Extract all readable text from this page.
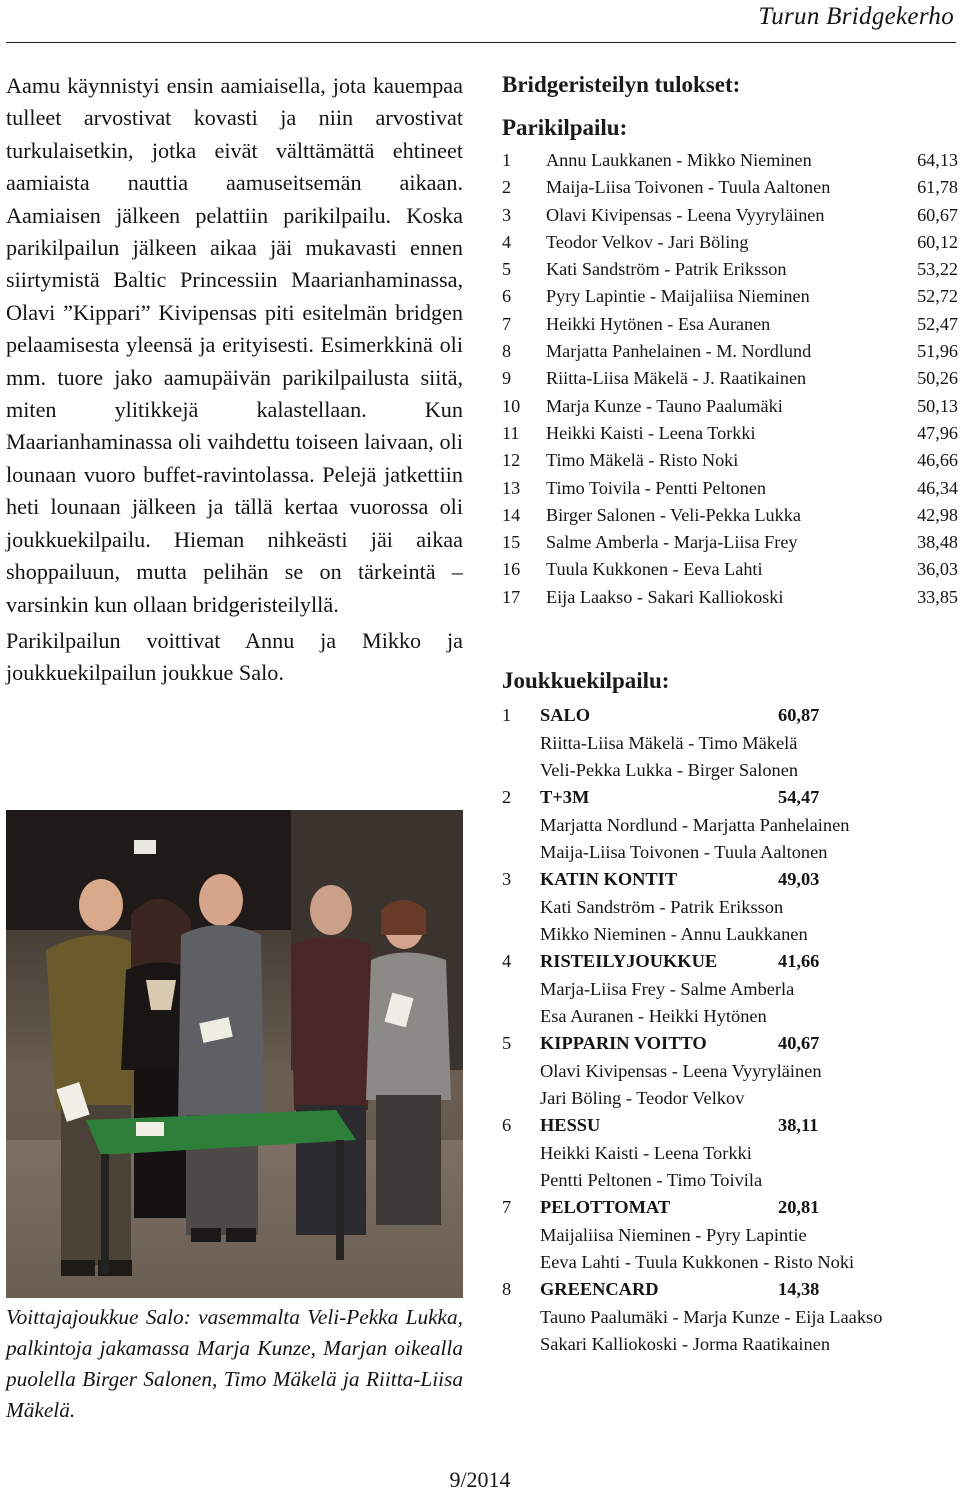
Turun Bridgekerho

Aamu käynnistyi ensin aamiaisella, jota kauempaa tulleet arvostivat kovasti ja niin arvostivat turkulaisetkin, jotka eivät välttämättä ehtineet aamiaista nauttia aamuseitsemän aikaan. Aamiaisen jälkeen pelattiin parikilpailu. Koska parikilpailun jälkeen aikaa jäi mukavasti ennen siirtymistä Baltic Princessiin Maarianhaminassa, Olavi ”Kippari” Kivipensas piti esitelmän bridgen pelaamisesta yleensä ja erityisesti. Esimerkkinä oli mm. tuore jako aamupäivän parikilpailusta siitä, miten ylitikkejä kalastellaan. Kun Maarianhaminassa oli vaihdettu toiseen laivaan, oli lounaan vuoro buffet-ravintolassa. Pelejä jatkettiin heti lounaan jälkeen ja tällä kertaa vuorossa oli joukkuekilpailu. Hieman nihkeästi jäi aikaa shoppailuun, mutta pelihän se on tärkeintä – varsinkin kun ollaan bridgeristeilyllä.

Parikilpailun voittivat Annu ja Mikko ja joukkuekilpailun joukkue Salo.

Voittajajoukkue Salo: vasemmalta Veli-Pekka Lukka, palkintoja jakamassa Marja Kunze, Marjan oikealla puolella Birger Salonen, Timo Mäkelä ja Riitta-Liisa Mäkelä.
Bridgeristeilyn tulokset:
Parikilpailu:
1 Annu Laukkanen - Mikko Nieminen	64,13
2 Maija-Liisa Toivonen - Tuula Aaltonen	61,78
3 Olavi Kivipensas - Leena Vyyryläinen	60,67
4 Teodor Velkov - Jari Böling	60,12
5 Kati Sandström - Patrik Eriksson	53,22
6 Pyry Lapintie - Maijaliisa Nieminen	52,72
7 Heikki Hytönen - Esa Auranen	52,47
8 Marjatta Panhelainen - M. Nordlund	51,96
9 Riitta-Liisa Mäkelä - J. Raatikainen	50,26
10 Marja Kunze - Tauno Paalumäki	50,13
11 Heikki Kaisti - Leena Torkki	47,96
12 Timo Mäkelä - Risto Noki	46,66
13 Timo Toivila - Pentti Peltonen	46,34
14 Birger Salonen - Veli-Pekka Lukka	42,98
15 Salme Amberla - Marja-Liisa Frey	38,48
16 Tuula Kukkonen - Eeva Lahti	36,03
17 Eija Laakso - Sakari Kalliokoski	33,85
Joukkuekilpailu:
1 SALO	60,87
Riitta-Liisa Mäkelä - Timo Mäkelä
Veli-Pekka Lukka - Birger Salonen
2 T+3M	54,47
Marjatta Nordlund - Marjatta Panhelainen
Maija-Liisa Toivonen - Tuula Aaltonen
3 KATIN KONTIT	49,03
Kati Sandström - Patrik Eriksson
Mikko Nieminen - Annu Laukkanen
4 RISTEILYJOUKKUE	41,66
Marja-Liisa Frey - Salme Amberla
Esa Auranen - Heikki Hytönen
5 KIPPARIN VOITTO	40,67
Olavi Kivipensas - Leena Vyyryläinen
Jari Böling - Teodor Velkov
6 HESSU	38,11
Heikki Kaisti - Leena Torkki
Pentti Peltonen - Timo Toivila
7 PELOTTOMAT	20,81
Maijaliisa Nieminen - Pyry Lapintie
Eeva Lahti - Tuula Kukkonen - Risto Noki
8 GREENCARD	14,38
Tauno Paalumäki - Marja Kunze - Eija Laakso
Sakari Kalliokoski - Jorma Raatikainen
9/2014
